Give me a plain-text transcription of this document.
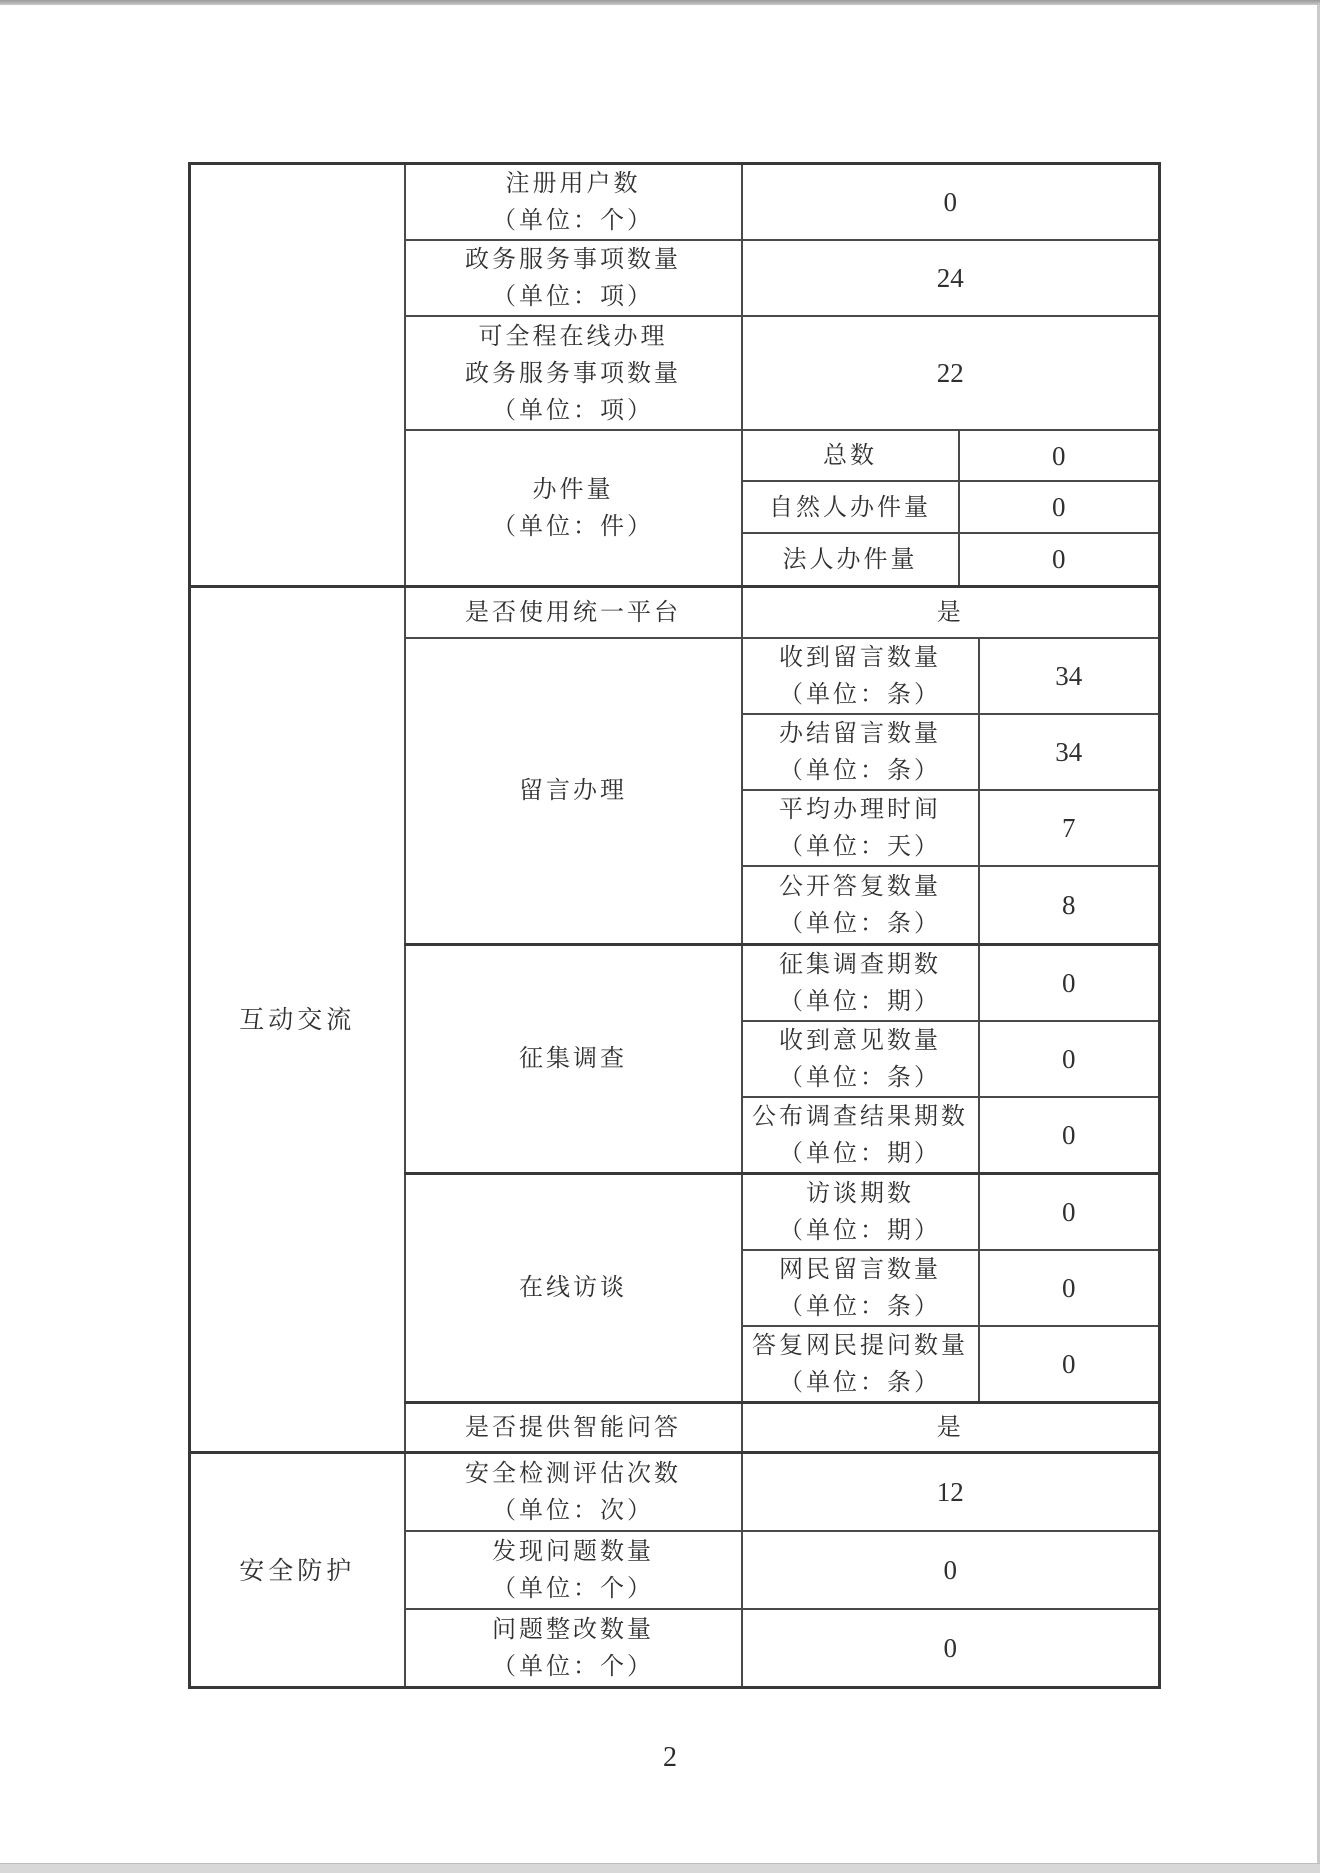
	注册用户数
（单位：个）	0		

	政务服务事项数量
（单位：项）	24		

	可全程在线办理
政务服务事项数量
（单位：项）	22		

	办件量
（单位：件）	总数	0	
		自然人办件量	0	
		法人办件量	0	
互动交流	是否使用统一平台	是		
	留言办理	收到留言数量
（单位：条）		34

		办结留言数量
（单位：条）		34

		平均办理时间
（单位：天）		7

		公开答复数量
（单位：条）		8
	征集调查	征集调查期数
（单位：期）		0

		收到意见数量
（单位：条）		0

		公布调查结果期数
（单位：期）		0
	在线访谈	访谈期数
（单位：期）		0

		网民留言数量
（单位：条）		0

		答复网民提问数量
（单位：条）		0
	是否提供智能问答	是		
安全防护	安全检测评估次数
（单位：次）	12		

	发现问题数量
（单位：个）	0		

	问题整改数量
（单位：个）	0		
2
